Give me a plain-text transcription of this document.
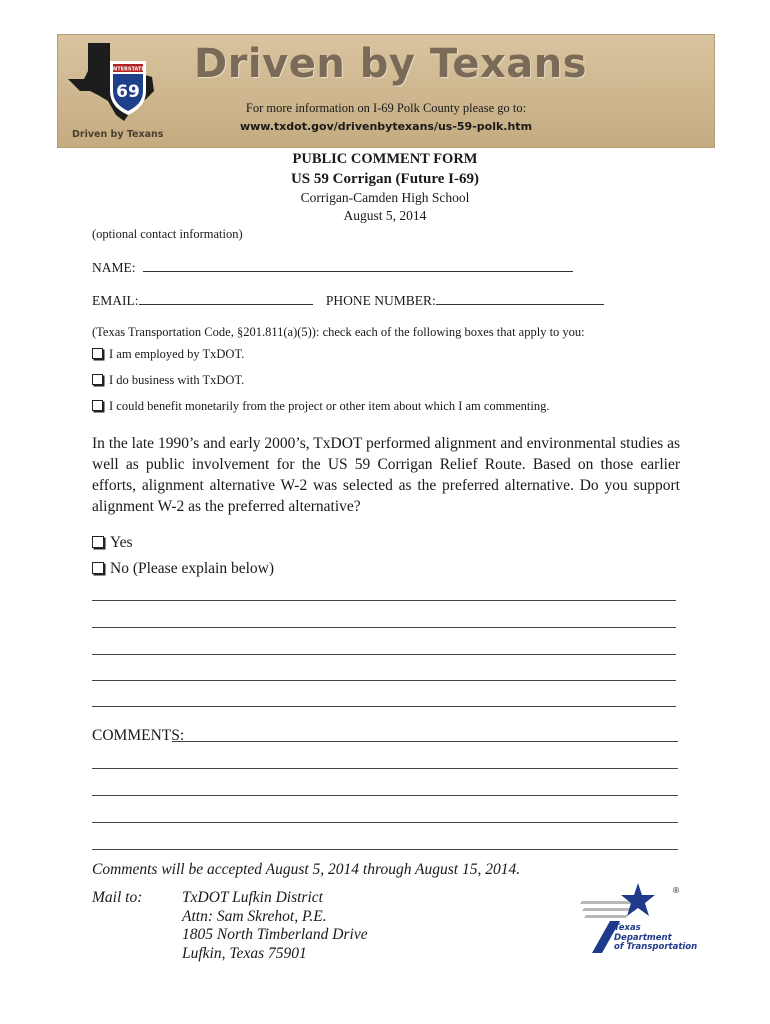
INTERSTATE
69
Driven by Texans
Driven by Texans
For more information on I-69 Polk County please go to:
www.txdot.gov/drivenbytexans/us-59-polk.htm
PUBLIC COMMENT FORM
US 59 Corrigan (Future I-69)
Corrigan-Camden High School
August 5, 2014
(optional contact information)
NAME:
EMAIL:	PHONE NUMBER:
(Texas Transportation Code, §201.811(a)(5)): check each of the following boxes that apply to you:
I am employed by TxDOT.
I do business with TxDOT.
I could benefit monetarily from the project or other item about which I am commenting.
In the late 1990’s and early 2000’s, TxDOT performed alignment and environmental studies as well as public involvement for the US 59 Corrigan Relief Route. Based on those earlier efforts, alignment alternative W-2 was selected as the preferred alternative. Do you support alignment W-2 as the preferred alternative?
Yes
No (Please explain below)
COMMENTS:
Comments will be accepted August 5, 2014 through August 15, 2014.
Mail to:	TxDOT Lufkin District
Attn: Sam Skrehot, P.E.
1805 North Timberland Drive
Lufkin, Texas 75901
®
Texas
Department
of Transportation
